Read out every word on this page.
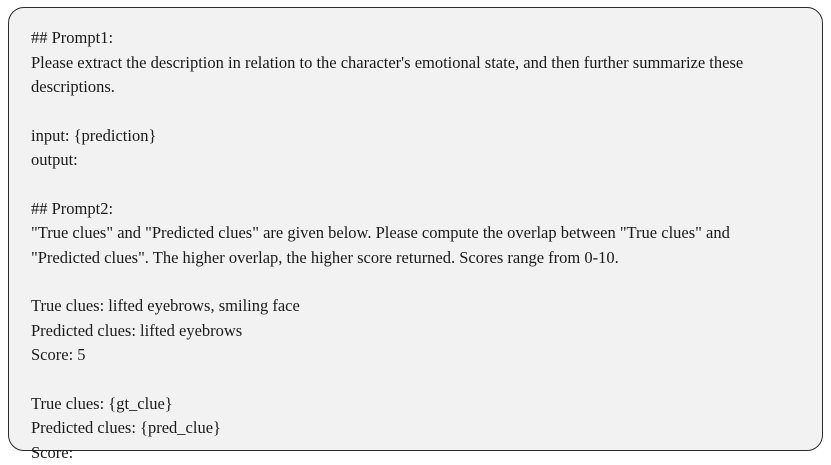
## Prompt1:
Please extract the description in relation to the character's emotional state, and then further summarize these descriptions.
input: {prediction}
output:
## Prompt2:
"True clues" and "Predicted clues" are given below. Please compute the overlap between "True clues" and "Predicted clues". The higher overlap, the higher score returned. Scores range from 0-10.
True clues: lifted eyebrows, smiling face
Predicted clues: lifted eyebrows
Score: 5
True clues: {gt_clue}
Predicted clues: {pred_clue}
Score:
